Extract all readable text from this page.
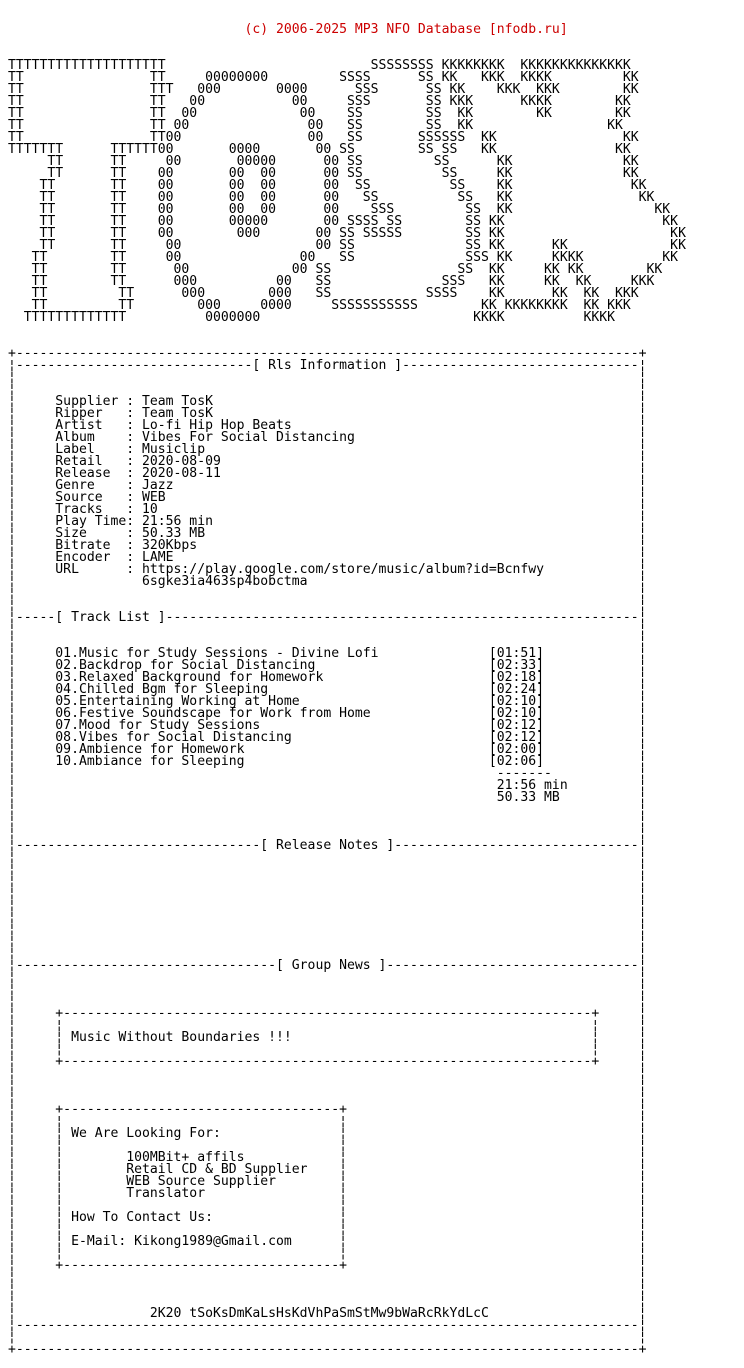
(c) 2006-2025 MP3 NFO Database [nfodb.ru]

TTTTTTTTTTTTTTTTTTTT                          SSSSSSSS KKKKKKKK  KKKKKKKKKKKKKK
TT                TT     00000000         SSSS      SS KK   KKK  KKKK         KK
TT                TTT   000       0000      SSS      SS KK    KKK  KKK        KK
TT                TT   00           00     SSS       SS KKK      KKKK        KK
TT                TT  00             00    SS        SS  KK        KK        KK
TT                TT 00               00   SS        SS  KK                 KK
TT                TT00                00   SS       SSSSSS  KK                KK
TTTTTTT      TTTTTT00       0000       00 SS        SS SS   KK               KK
TT      TT     00       00000      00 SS         SS      KK              KK
TT      TT    00       00  00      00 SS          SS     KK              KK
TT       TT    00       00  00      00  SS          SS    KK               KK
TT       TT    00       00  00      00   SS          SS   KK                KK
TT       TT    00       00  00      00    SSS         SS  KK                  KK
TT       TT    00       00000       00 SSSS SS        SS KK                    KK
TT       TT    00        000       00 SS SSSSS        SS KK                     KK
TT       TT     00                 00 SS              SS KK      KK             KK
TT        TT     00               00   SS              SSS KK     KKKK          KK
TT        TT      00             00 SS                SS  KK     KK KK        KK
TT        TT      000          00   SS              SSS   KK     KK  KK     KKK
TT         TT      000        000   SS            SSSS    KK      KK  KK  KKK
TT         TT        000     0000     SSSSSSSSSSS        KK KKKKKKKK  KK KKK
TTTTTTTTTTTTT          0000000                           KKKK          KKKK

+-------------------------------------------------------------------------------+
¦------------------------------[ Rls Information ]------------------------------¦
¦                                                                               ¦
¦                                                                               ¦
¦     Supplier : Team TosK                                                      ¦
¦     Ripper   : Team TosK                                                      ¦
¦     Artist   : Lo-fi Hip Hop Beats                                            ¦
¦     Album    : Vibes For Social Distancing                                    ¦
¦     Label    : Musiclip                                                       ¦
¦     Retail   : 2020-08-09                                                     ¦
¦     Release  : 2020-08-11                                                     ¦
¦     Genre    : Jazz                                                           ¦
¦     Source   : WEB                                                            ¦
¦     Tracks   : 10                                                             ¦
¦     Play Time: 21:56 min                                                      ¦
¦     Size     : 50.33 MB                                                       ¦
¦     Bitrate  : 320Kbps                                                        ¦
¦     Encoder  : LAME                                                           ¦
¦     URL      : https://play.google.com/store/music/album?id=Bcnfwy            ¦
¦                6sgke3ia463sp4bobctma                                          ¦
¦                                                                               ¦
¦                                                                               ¦
¦-----[ Track List ]------------------------------------------------------------¦
¦                                                                               ¦
¦                                                                               ¦
¦     01.Music for Study Sessions - Divine Lofi              [01:51]            ¦
¦     02.Backdrop for Social Distancing                      [02:33]            ¦
¦     03.Relaxed Background for Homework                     [02:18]            ¦
¦     04.Chilled Bgm for Sleeping                            [02:24]            ¦
¦     05.Entertaining Working at Home                        [02:10]            ¦
¦     06.Festive Soundscape for Work from Home               [02:10]            ¦
¦     07.Mood for Study Sessions                             [02:12]            ¦
¦     08.Vibes for Social Distancing                         [02:12]            ¦
¦     09.Ambience for Homework                               [02:00]            ¦
¦     10.Ambiance for Sleeping                               [02:06]            ¦
¦                                                             -------           ¦
¦                                                             21:56 min         ¦
¦                                                             50.33 MB          ¦
¦                                                                               ¦
¦                                                                               ¦
¦                                                                               ¦
¦-------------------------------[ Release Notes ]-------------------------------¦
¦                                                                               ¦
¦                                                                               ¦
¦                                                                               ¦
¦                                                                               ¦
¦                                                                               ¦
¦                                                                               ¦
¦                                                                               ¦
¦                                                                               ¦
¦                                                                               ¦
¦---------------------------------[ Group News ]--------------------------------¦
¦                                                                               ¦
¦                                                                               ¦
¦                                                                               ¦
¦     +-------------------------------------------------------------------+     ¦
¦     ¦                                                                   ¦     ¦
¦     ¦ Music Without Boundaries !!!                                      ¦     ¦
¦     ¦                                                                   ¦     ¦
¦     +-------------------------------------------------------------------+     ¦
¦                                                                               ¦
¦                                                                               ¦
¦                                                                               ¦
¦     +-----------------------------------+                                     ¦
¦     ¦                                   ¦                                     ¦
¦     ¦ We Are Looking For:               ¦                                     ¦
¦     ¦                                   ¦                                     ¦
¦     ¦        100MBit+ affils            ¦                                     ¦
¦     ¦        Retail CD & BD Supplier    ¦                                     ¦
¦     ¦        WEB Source Supplier        ¦                                     ¦
¦     ¦        Translator                 ¦                                     ¦
¦     ¦                                   ¦                                     ¦
¦     ¦ How To Contact Us:                ¦                                     ¦
¦     ¦                                   ¦                                     ¦
¦     ¦ E-Mail: Kikong1989@Gmail.com      ¦                                     ¦
¦     ¦                                   ¦                                     ¦
¦     +-----------------------------------+                                     ¦
¦                                                                               ¦
¦                                                                               ¦
¦                                                                               ¦
¦                 2K20 tSoKsDmKaLsHsKdVhPaSmStMw9bWaRcRkYdLcC                   ¦
¦-------------------------------------------------------------------------------¦
¦                                                                               ¦
+-------------------------------------------------------------------------------+
